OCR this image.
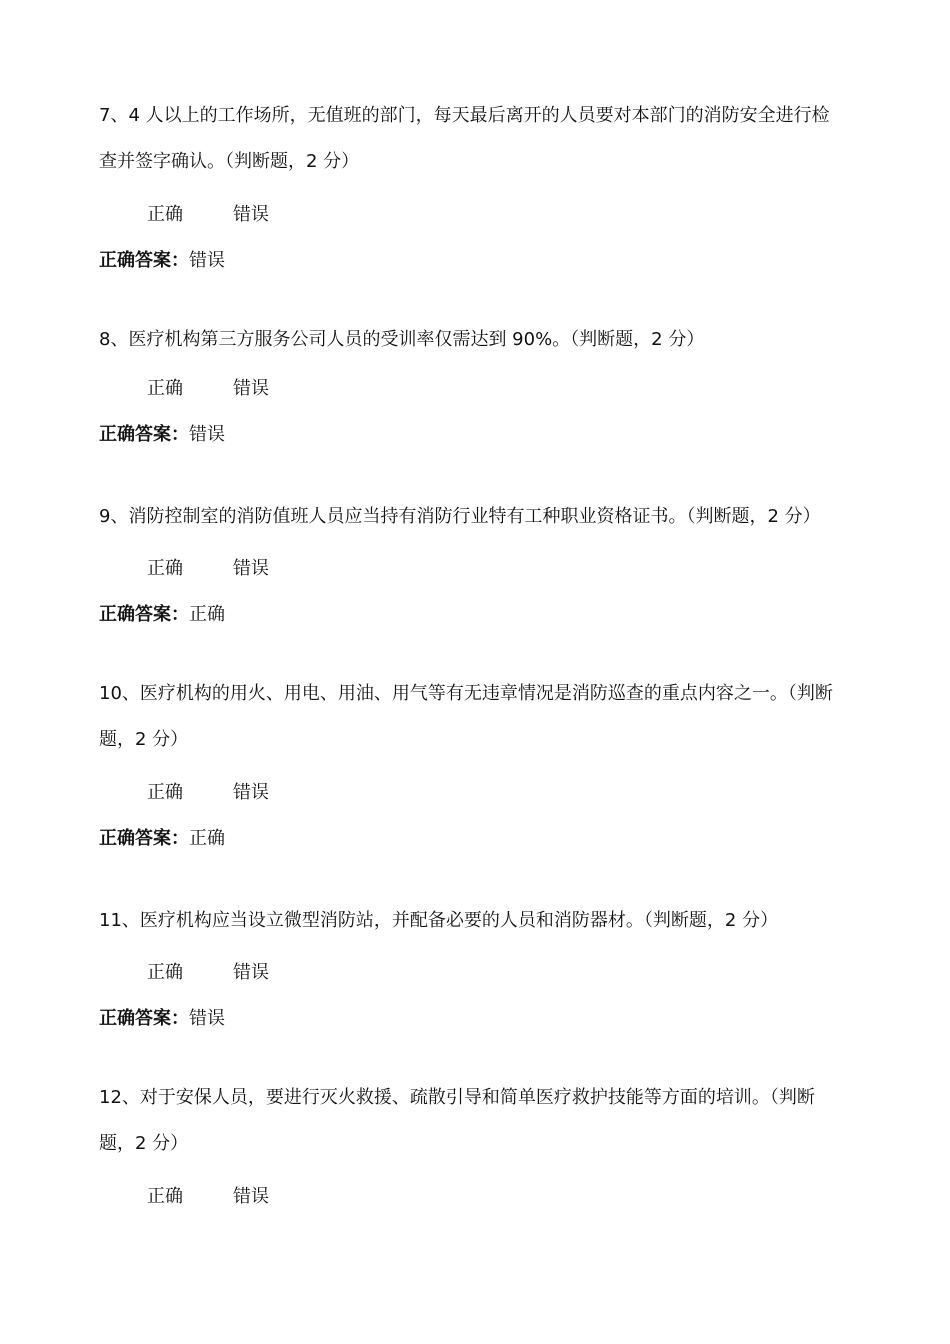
7、4 人以上的工作场所，无值班的部门，每天最后离开的人员要对本部门的消防安全进行检
查并签字确认。（判断题，2 分）
正确	错误
正确答案：错误
8、医疗机构第三方服务公司人员的受训率仅需达到 90%。（判断题，2 分）
正确	错误
正确答案：错误
9、消防控制室的消防值班人员应当持有消防行业特有工种职业资格证书。（判断题，2 分）
正确	错误
正确答案：正确
10、医疗机构的用火、用电、用油、用气等有无违章情况是消防巡查的重点内容之一。（判断
题，2 分）
正确	错误
正确答案：正确
11、医疗机构应当设立微型消防站，并配备必要的人员和消防器材。（判断题，2 分）
正确	错误
正确答案：错误
12、对于安保人员，要进行灭火救援、疏散引导和简单医疗救护技能等方面的培训。（判断
题，2 分）
正确	错误
